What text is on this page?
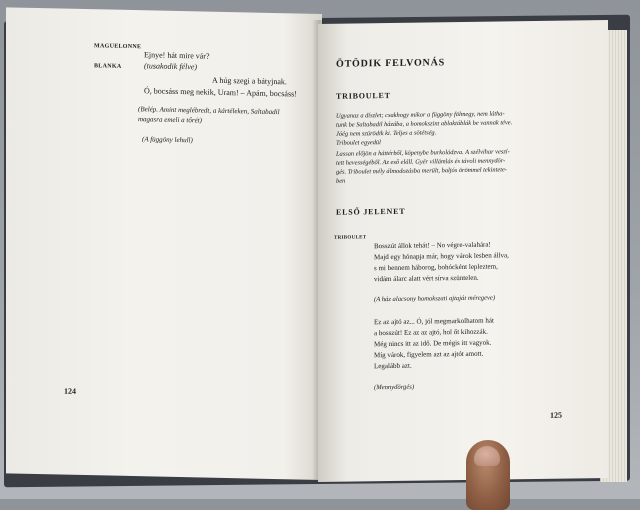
MAGUELONNE
Ejnye! hát mire vár?
BLANKA	(tusakodik félve)
A húg szegi a bátyjnak.
Ó, bocsáss meg nekik, Uram! – Apám, bocsáss!
(Belép. Amint meglébredt, a kártéleken, Saltabadil
magasra emeli a tőrét)
(A függöny lehull)
124
ÖTÖDIK FELVONÁS
TRIBOULET
Ugyanaz a díszlet; csakhogy mikor a függöny fölmegy, nem látha-
tunk be Saltabadil házába, a homokszint ablaktáblák be vannak téve.
Jóég nem szürödik ki. Teljes a sötétség.
Triboulet egyedül
Lassan előjön a háttérből, köpenybe burkolódzva. A szélvihar veszí-
tett hevességéből. Az eső eláll. Gyér villámlás és távoli mennydör-
gés. Triboulet mély álmodozásba merült, baljós örömmel tekintete-
ben
ELSŐ JELENET
TRIBOULET
Bosszút állok tehát! – No végre-valahára!
Majd egy hónapja már, hogy várok lesben állva,
s mi bennem háborog, bohócként lepleztem,
vidám álarc alatt vért sírva szüntelen.
(A ház alacsony homokszati ajtaját méregeve)
Ez az ajtó az... Ó, jól megmarkolhatom hát
a bosszút! Ez az az ajtó, hol őt kihozzák.
Még nincs itt az idő. De mégis itt vagyok.
Míg várok, figyelem azt az ajtót amott.
Legalább azt.
(Mennydörgés)
125
